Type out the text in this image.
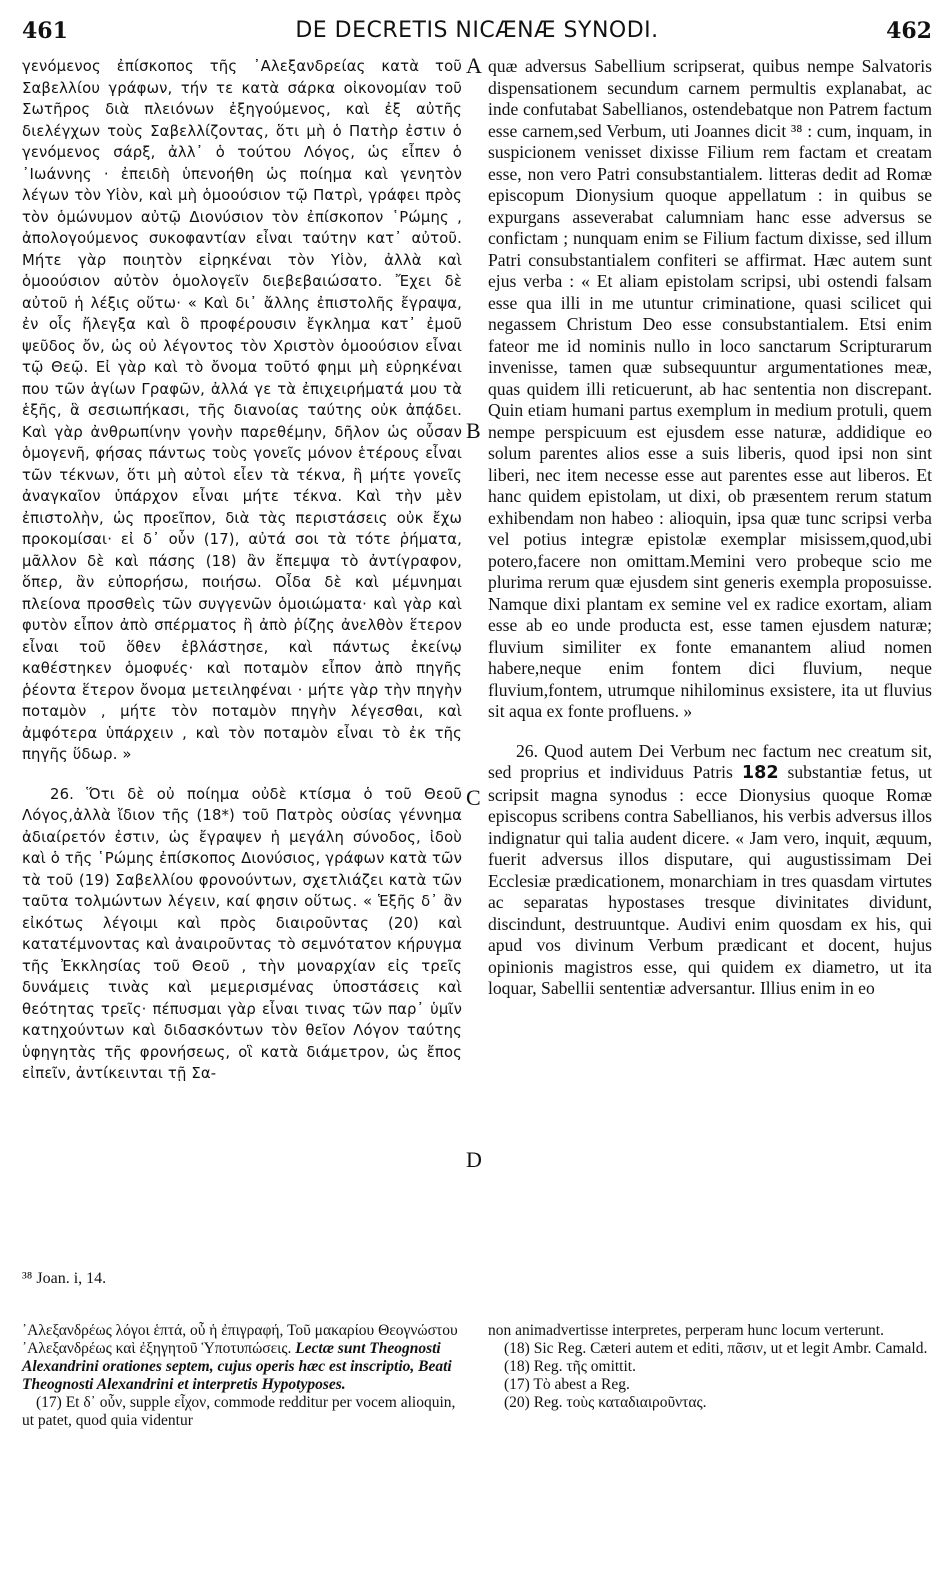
461	DE DECRETIS NICÆNÆ SYNODI.	462
A
B
C
D

γενόμενος ἐπίσκοπος τῆς ᾿Αλεξανδρείας κατὰ τοῦ Σαβελλίου γράφων, τήν τε κατὰ σάρκα οἰκονομίαν τοῦ Σωτῆρος διὰ πλειόνων ἐξηγούμενος, καὶ ἐξ αὐτῆς διελέγχων τοὺς Σαβελλίζοντας, ὅτι μὴ ὁ Πατὴρ ἐστιν ὁ γενόμενος σάρξ, ἀλλ᾿ ὁ τούτου Λόγος, ὡς εἶπεν ὁ ᾿Ιωάννης · ἐπειδὴ ὑπενοήθη ὡς ποίημα καὶ γενητὸν λέγων τὸν Υἱὸν, καὶ μὴ ὁμοούσιον τῷ Πατρὶ, γράφει πρὸς τὸν ὁμώνυμον αὐτῷ Διονύσιον τὸν ἐπίσκοπον ῾Ρώμης , ἀπολογούμενος συκοφαντίαν εἶναι ταύτην κατ᾿ αὐτοῦ. Μήτε γὰρ ποιητὸν εἰρηκέναι τὸν Υἱὸν, ἀλλὰ καὶ ὁμοούσιον αὐτὸν ὁμολογεῖν διεβεβαιώσατο. Ἔχει δὲ αὐτοῦ ἡ λέξις οὕτω· « Καὶ δι᾿ ἄλλης ἐπιστολῆς ἔγραψα, ἐν οἷς ἤλεγξα καὶ ὃ προφέρουσιν ἔγκλημα κατ᾿ ἐμοῦ ψεῦδος ὄν, ὡς οὐ λέγοντος τὸν Χριστὸν ὁμοούσιον εἶναι τῷ Θεῷ. Εἰ γὰρ καὶ τὸ ὄνομα τοῦτό φημι μὴ εὑρηκέναι που τῶν ἁγίων Γραφῶν, ἀλλά γε τὰ ἐπιχειρήματά μου τὰ ἑξῆς, ἃ σεσιωπήκασι, τῆς διανοίας ταύτης οὐκ ἀπᾴδει. Καὶ γὰρ ἀνθρωπίνην γονὴν παρεθέμην, δῆλον ὡς οὖσαν ὁμογενῆ, φήσας πάντως τοὺς γονεῖς μόνον ἑτέρους εἶναι τῶν τέκνων, ὅτι μὴ αὐτοὶ εἶεν τὰ τέκνα, ἢ μήτε γονεῖς ἀναγκαῖον ὑπάρχον εἶναι μήτε τέκνα. Καὶ τὴν μὲν ἐπιστολὴν, ὡς προεῖπον, διὰ τὰς περιστάσεις οὐκ ἔχω προκομίσαι· εἰ δ᾿ οὖν (17), αὐτά σοι τὰ τότε ῥήματα, μᾶλλον δὲ καὶ πάσης (18) ἂν ἔπεμψα τὸ ἀντίγραφον, ὅπερ, ἂν εὐπορήσω, ποιήσω. Οἶδα δὲ καὶ μέμνημαι πλείονα προσθεὶς τῶν συγγενῶν ὁμοιώματα· καὶ γὰρ καὶ φυτὸν εἶπον ἀπὸ σπέρματος ἢ ἀπὸ ῥίζης ἀνελθὸν ἕτερον εἶναι τοῦ ὅθεν ἐβλάστησε, καὶ πάντως ἐκείνῳ καθέστηκεν ὁμοφυές· καὶ ποταμὸν εἶπον ἀπὸ πηγῆς ῥέοντα ἕτερον ὄνομα μετειληφέναι · μήτε γὰρ τὴν πηγὴν ποταμὸν , μήτε τὸν ποταμὸν πηγὴν λέγεσθαι, καὶ ἀμφότερα ὑπάρχειν , καὶ τὸν ποταμὸν εἶναι τὸ ἐκ τῆς πηγῆς ὕδωρ. »

26. Ὅτι δὲ οὐ ποίημα οὐδὲ κτίσμα ὁ τοῦ Θεοῦ Λόγος,ἀλλὰ ἴδιον τῆς (18*) τοῦ Πατρὸς οὐσίας γέννημα ἀδιαίρετόν ἐστιν, ὡς ἔγραψεν ἡ μεγάλη σύνοδος, ἰδοὺ καὶ ὁ τῆς ῾Ρώμης ἐπίσκοπος Διονύσιος, γράφων κατὰ τῶν τὰ τοῦ (19) Σαβελλίου φρονούντων, σχετλιάζει κατὰ τῶν ταῦτα τολμώντων λέγειν, καί φησιν οὕτως. « Ἑξῆς δ᾿ ἂν εἰκότως λέγοιμι καὶ πρὸς διαιροῦντας (20) καὶ κατατέμνοντας καὶ ἀναιροῦντας τὸ σεμνότατον κήρυγμα τῆς Ἐκκλησίας τοῦ Θεοῦ , τὴν μοναρχίαν εἰς τρεῖς δυνάμεις τινὰς καὶ μεμερισμένας ὑποστάσεις καὶ θεότητας τρεῖς· πέπυσμαι γὰρ εἶναι τινας τῶν παρ᾿ ὑμῖν κατηχούντων καὶ διδασκόντων τὸν θεῖον Λόγον ταύτης ὑφηγητὰς τῆς φρονήσεως, οἳ κατὰ διάμετρον, ὡς ἔπος εἰπεῖν, ἀντίκεινται τῇ Σα-

quæ adversus Sabellium scripserat, quibus nempe Salvatoris dispensationem secundum carnem permultis explanabat, ac inde confutabat Sabellianos, ostendebatque non Patrem factum esse carnem,sed Verbum, uti Joannes dicit ³⁸ : cum, inquam, in suspicionem venisset dixisse Filium rem factam et creatam esse, non vero Patri consubstantialem. litteras dedit ad Romæ episcopum Dionysium quoque appellatum : in quibus se expurgans asseverabat calumniam hanc esse adversus se confictam ; nunquam enim se Filium factum dixisse, sed illum Patri consubstantialem confiteri se affirmat. Hæc autem sunt ejus verba : « Et aliam epistolam scripsi, ubi ostendi falsam esse qua illi in me utuntur criminatione, quasi scilicet qui negassem Christum Deo esse consubstantialem. Etsi enim fateor me id nominis nullo in loco sanctarum Scripturarum invenisse, tamen quæ subsequuntur argumentationes meæ, quas quidem illi reticuerunt, ab hac sententia non discrepant. Quin etiam humani partus exemplum in medium protuli, quem nempe perspicuum est ejusdem esse naturæ, addidique eo solum parentes alios esse a suis liberis, quod ipsi non sint liberi, nec item necesse esse aut parentes esse aut liberos. Et hanc quidem epistolam, ut dixi, ob præsentem rerum statum exhibendam non habeo : alioquin, ipsa quæ tunc scripsi verba vel potius integræ epistolæ exemplar misissem,quod,ubi potero,facere non omittam.Memini vero probeque scio me plurima rerum quæ ejusdem sint generis exempla proposuisse. Namque dixi plantam ex semine vel ex radice exortam, aliam esse ab eo unde producta est, esse tamen ejusdem naturæ; fluvium similiter ex fonte emanantem aliud nomen habere,neque enim fontem dici fluvium, neque fluvium,fontem, utrumque nihilominus exsistere, ita ut fluvius sit aqua ex fonte profluens. »

26. Quod autem Dei Verbum nec factum nec creatum sit, sed proprius et individuus Patris 182 substantiæ fetus, ut scripsit magna synodus : ecce Dionysius quoque Romæ episcopus scribens contra Sabellianos, his verbis adversus illos indignatur qui talia audent dicere. « Jam vero, inquit, æquum, fuerit adversus illos disputare, qui augustissimam Dei Ecclesiæ prædicationem, monarchiam in tres quasdam virtutes ac separatas hypostases tresque divinitates dividunt, discindunt, destruuntque. Audivi enim quosdam ex his, qui apud vos divinum Verbum prædicant et docent, hujus opinionis magistros esse, qui quidem ex diametro, ut ita loquar, Sabellii sententiæ adversantur. Illius enim in eo

³⁸ Joan. i, 14.
᾿Αλεξανδρέως λόγοι ἑπτά, οὗ ἡ ἐπιγραφή, Τοῦ μακαρίου Θεογνώστου ᾿Αλεξανδρέως καὶ ἐξηγητοῦ Ὑποτυπώσεις. Lectæ sunt Theognosti Alexandrini orationes septem, cujus operis hæc est inscriptio, Beati Theognosti Alexandrini et interpretis Hypotyposes.
(17) Et δ᾿ οὖν, supple εἶχον, commode redditur per vocem alioquin, ut patet, quod quia videntur
non animadvertisse interpretes, perperam hunc locum verterunt.
(18) Sic Reg. Cæteri autem et editi, πᾶσιν, ut et legit Ambr. Camald.
(18) Reg. τῆς omittit.
(17) Τὸ abest a Reg.
(20) Reg. τοὺς καταδιαιροῦντας.
